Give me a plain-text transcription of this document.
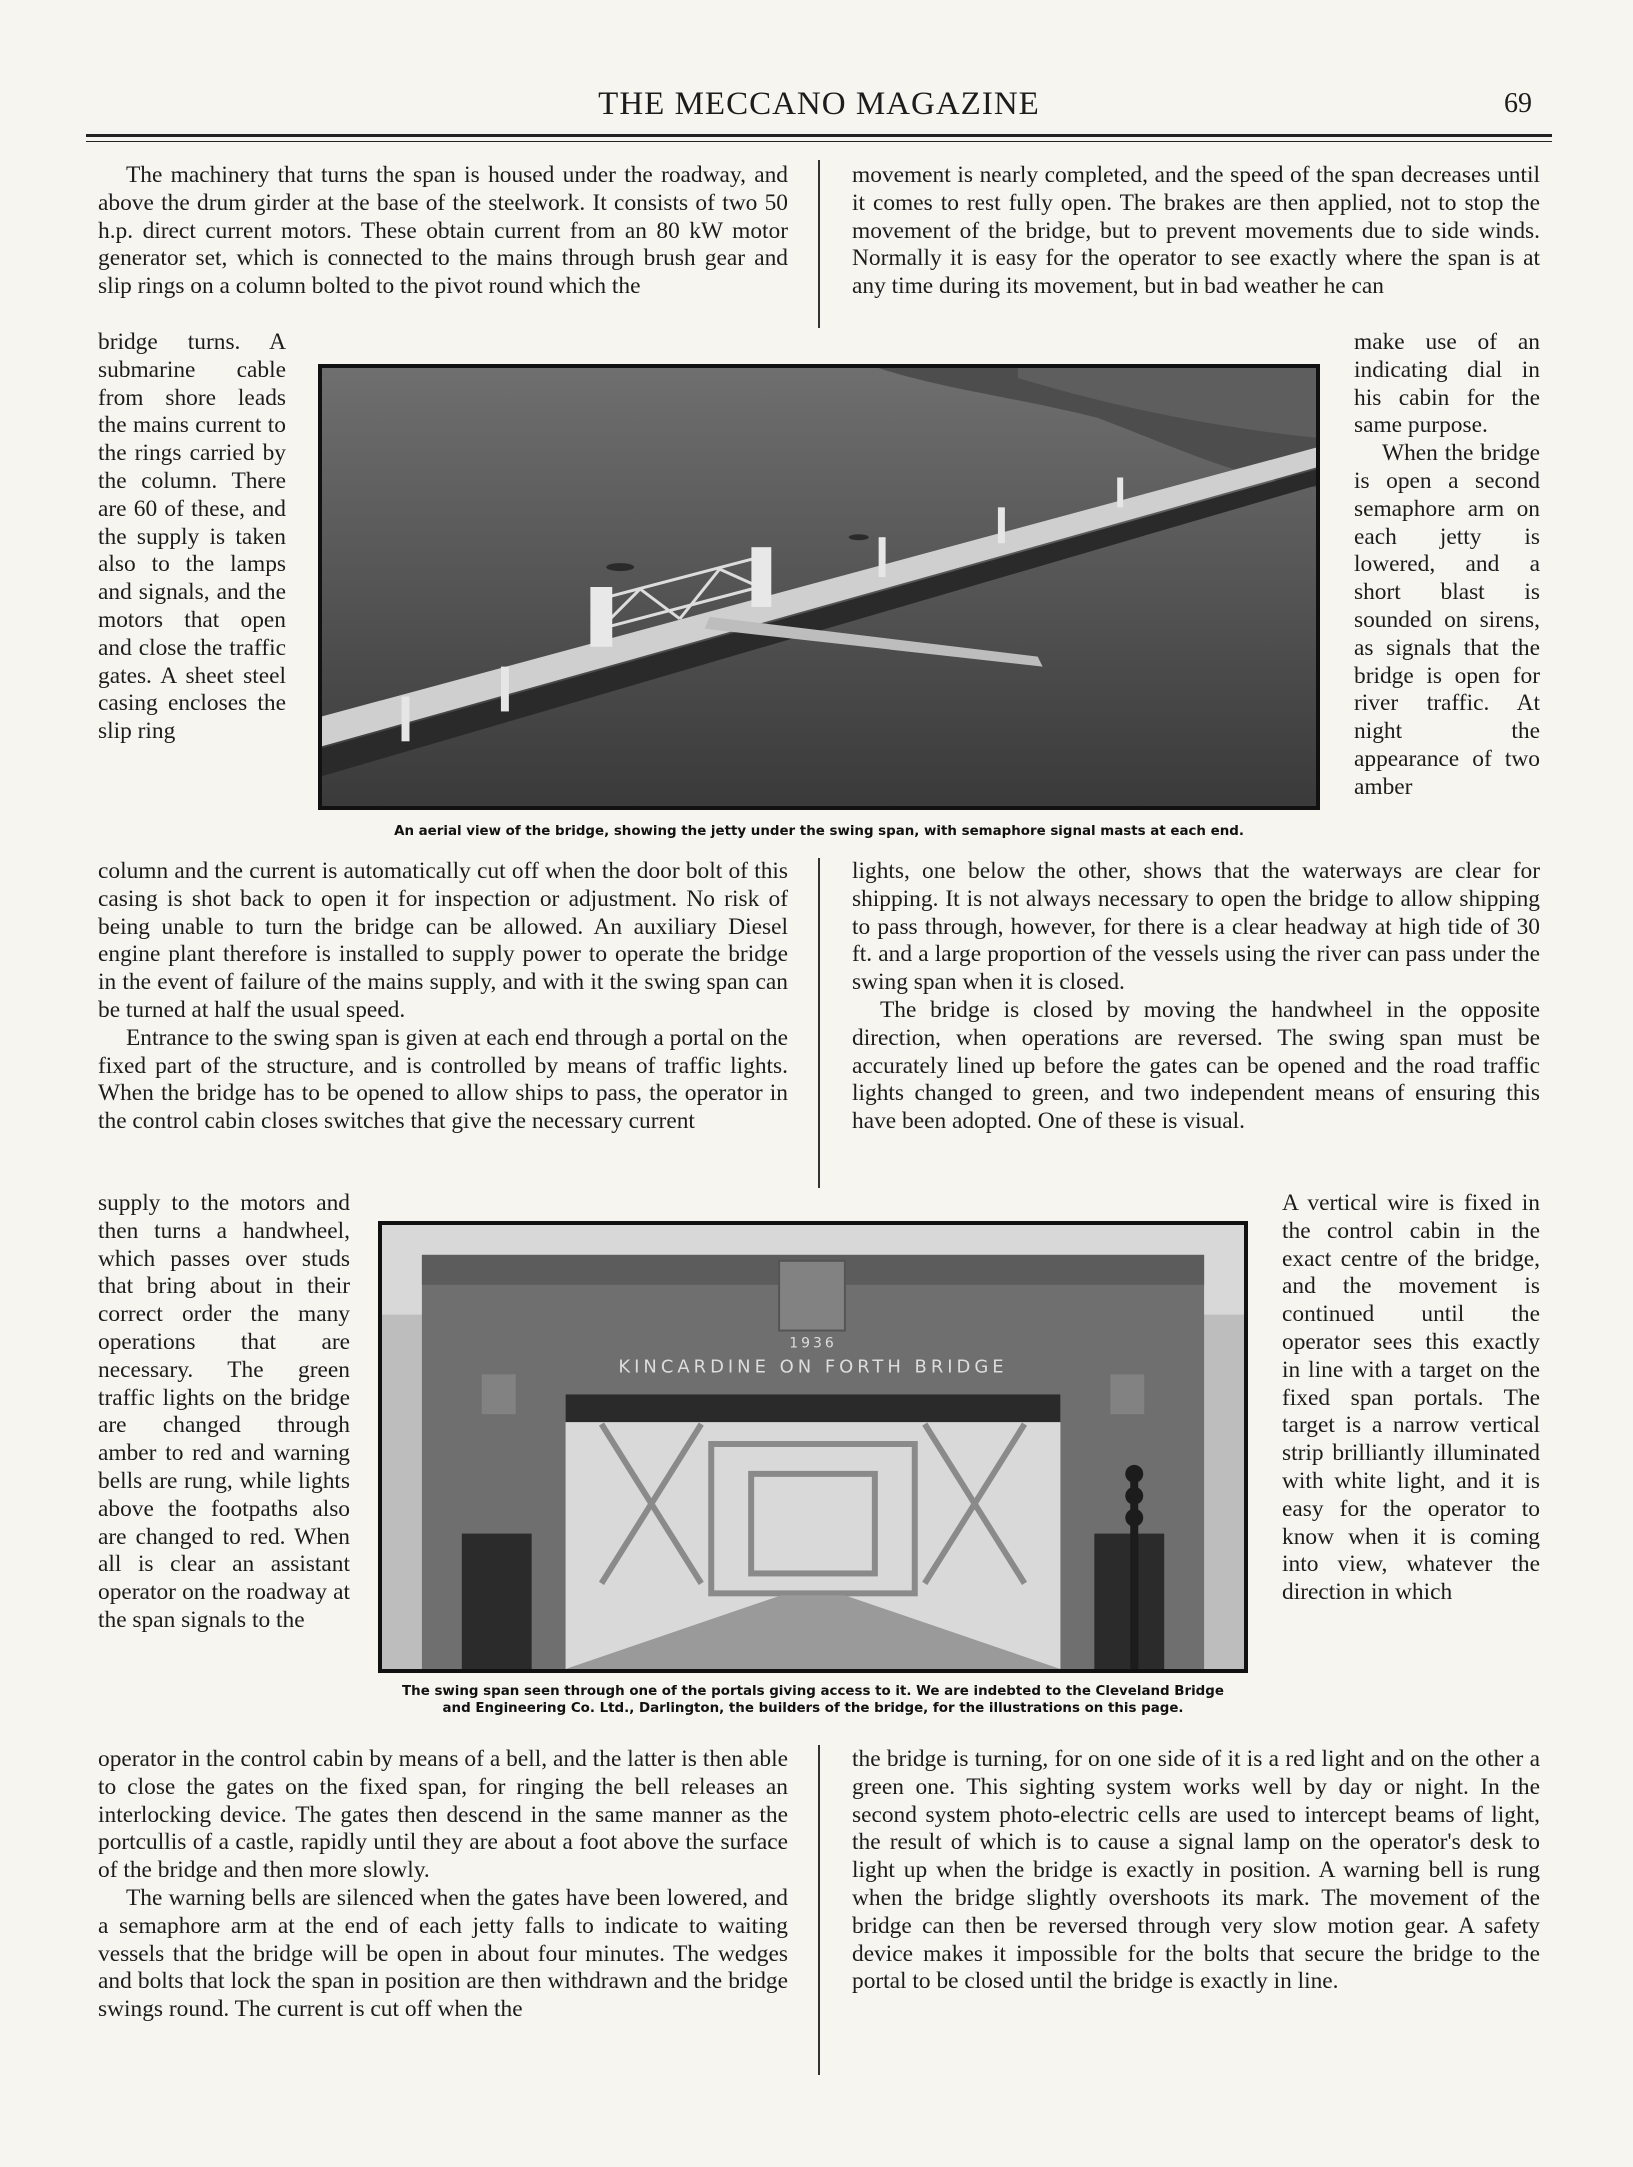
THE MECCANO MAGAZINE	69

The machinery that turns the span is housed under the roadway, and above the drum girder at the base of the steelwork. It consists of two 50 h.p. direct current motors. These obtain current from an 80 kW motor generator set, which is connected to the mains through brush gear and slip rings on a column bolted to the pivot round which the

bridge turns. A submarine cable from shore leads the mains current to the rings carried by the column. There are 60 of these, and the supply is taken also to the lamps and signals, and the motors that open and close the traffic gates. A sheet steel casing encloses the slip ring

column and the current is automatically cut off when the door bolt of this casing is shot back to open it for inspection or adjustment. No risk of being unable to turn the bridge can be allowed. An auxiliary Diesel engine plant therefore is installed to supply power to operate the bridge in the event of failure of the mains supply, and with it the swing span can be turned at half the usual speed.

Entrance to the swing span is given at each end through a portal on the fixed part of the structure, and is controlled by means of traffic lights. When the bridge has to be opened to allow ships to pass, the operator in the control cabin closes switches that give the necessary current

supply to the motors and then turns a handwheel, which passes over studs that bring about in their correct order the many operations that are necessary. The green traffic lights on the bridge are changed through amber to red and warning bells are rung, while lights above the footpaths also are changed to red. When all is clear an assistant operator on the roadway at the span signals to the

operator in the control cabin by means of a bell, and the latter is then able to close the gates on the fixed span, for ringing the bell releases an interlocking device. The gates then descend in the same manner as the portcullis of a castle, rapidly until they are about a foot above the surface of the bridge and then more slowly.

The warning bells are silenced when the gates have been lowered, and a semaphore arm at the end of each jetty falls to indicate to waiting vessels that the bridge will be open in about four minutes. The wedges and bolts that lock the span in position are then withdrawn and the bridge swings round. The current is cut off when the

movement is nearly completed, and the speed of the span decreases until it comes to rest fully open. The brakes are then applied, not to stop the movement of the bridge, but to prevent movements due to side winds. Normally it is easy for the operator to see exactly where the span is at any time during its movement, but in bad weather he can

make use of an indicating dial in his cabin for the same purpose.

When the bridge is open a second semaphore arm on each jetty is lowered, and a short blast is sounded on sirens, as signals that the bridge is open for river traffic. At night the appearance of two amber

lights, one below the other, shows that the waterways are clear for shipping. It is not always necessary to open the bridge to allow shipping to pass through, however, for there is a clear headway at high tide of 30 ft. and a large proportion of the vessels using the river can pass under the swing span when it is closed.

The bridge is closed by moving the handwheel in the opposite direction, when operations are reversed. The swing span must be accurately lined up before the gates can be opened and the road traffic lights changed to green, and two independent means of ensuring this have been adopted. One of these is visual.

A vertical wire is fixed in the control cabin in the exact centre of the bridge, and the movement is continued until the operator sees this exactly in line with a target on the fixed span portals. The target is a narrow vertical strip brilliantly illuminated with white light, and it is easy for the operator to know when it is coming into view, whatever the direction in which

the bridge is turning, for on one side of it is a red light and on the other a green one. This sighting system works well by day or night. In the second system photo-electric cells are used to intercept beams of light, the result of which is to cause a signal lamp on the operator's desk to light up when the bridge is exactly in position. A warning bell is rung when the bridge slightly overshoots its mark. The movement of the bridge can then be reversed through very slow motion gear. A safety device makes it impossible for the bolts that secure the bridge to the portal to be closed until the bridge is exactly in line.

An aerial view of the bridge, showing the jetty under the swing span, with semaphore signal masts at each end.
1936
KINCARDINE ON FORTH BRIDGE
The swing span seen through one of the portals giving access to it. We are indebted to the Cleveland Bridge
and Engineering Co. Ltd., Darlington, the builders of the bridge, for the illustrations on this page.
